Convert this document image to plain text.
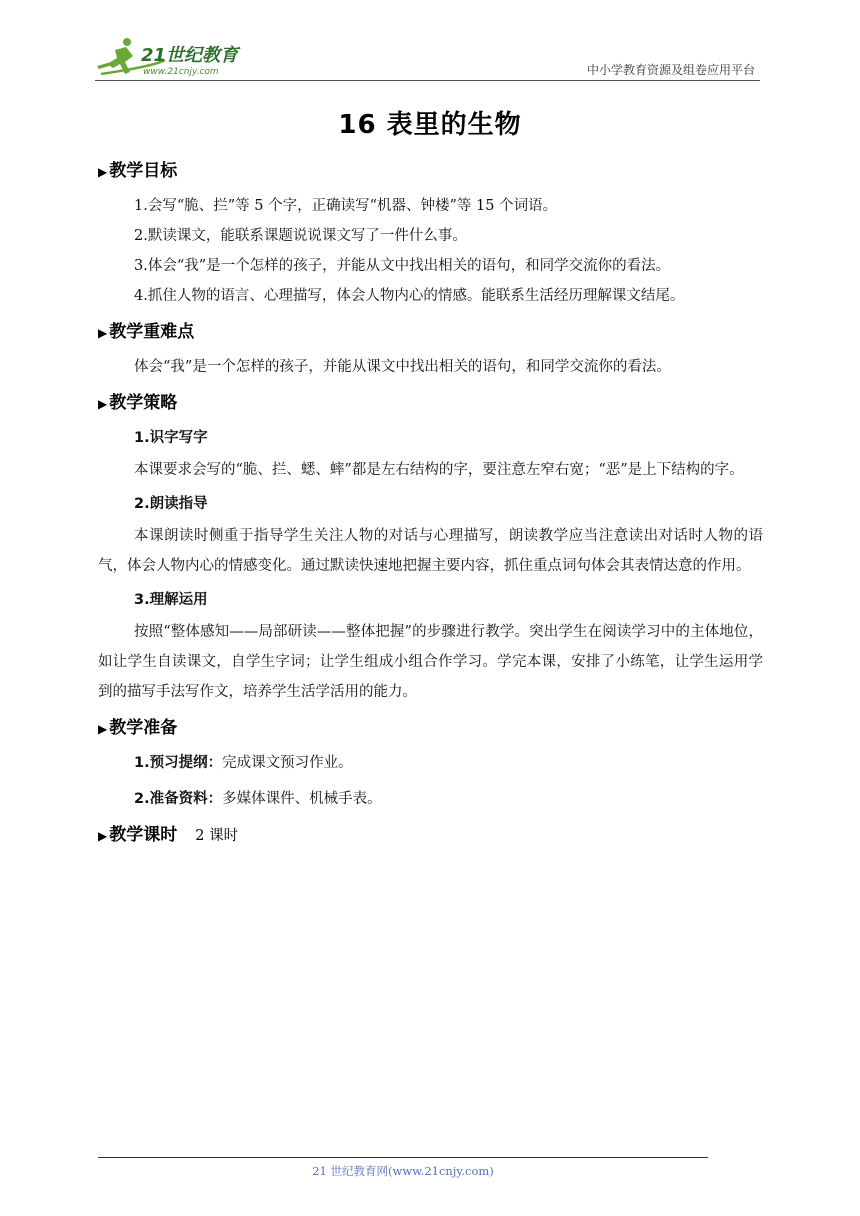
21世纪教育
www.21cnjy.com	中小学教育资源及组卷应用平台
16 表里的生物
▶ 教学目标

1.会写“脆、拦”等 5 个字，正确读写“机器、钟楼”等 15 个词语。

2.默读课文，能联系课题说说课文写了一件什么事。

3.体会“我”是一个怎样的孩子，并能从文中找出相关的语句，和同学交流你的看法。

4.抓住人物的语言、心理描写，体会人物内心的情感。能联系生活经历理解课文结尾。

▶ 教学重难点

体会“我”是一个怎样的孩子，并能从课文中找出相关的语句，和同学交流你的看法。

▶ 教学策略
1.识字写字

本课要求会写的“脆、拦、蟋、蟀”都是左右结构的字，要注意左窄右宽；“恶”是上下结构的字。

2.朗读指导

本课朗读时侧重于指导学生关注人物的对话与心理描写，朗读教学应当注意读出对话时人物的语气，体会人物内心的情感变化。通过默读快速地把握主要内容，抓住重点词句体会其表情达意的作用。

3.理解运用

按照“整体感知——局部研读——整体把握”的步骤进行教学。突出学生在阅读学习中的主体地位，如让学生自读课文，自学生字词；让学生组成小组合作学习。学完本课，安排了小练笔，让学生运用学到的描写手法写作文，培养学生活学活用的能力。

▶ 教学准备
1.预习提纲：完成课文预习作业。
2.准备资料：多媒体课件、机械手表。
▶ 教学课时 2 课时
21 世纪教育网(www.21cnjy.com)
